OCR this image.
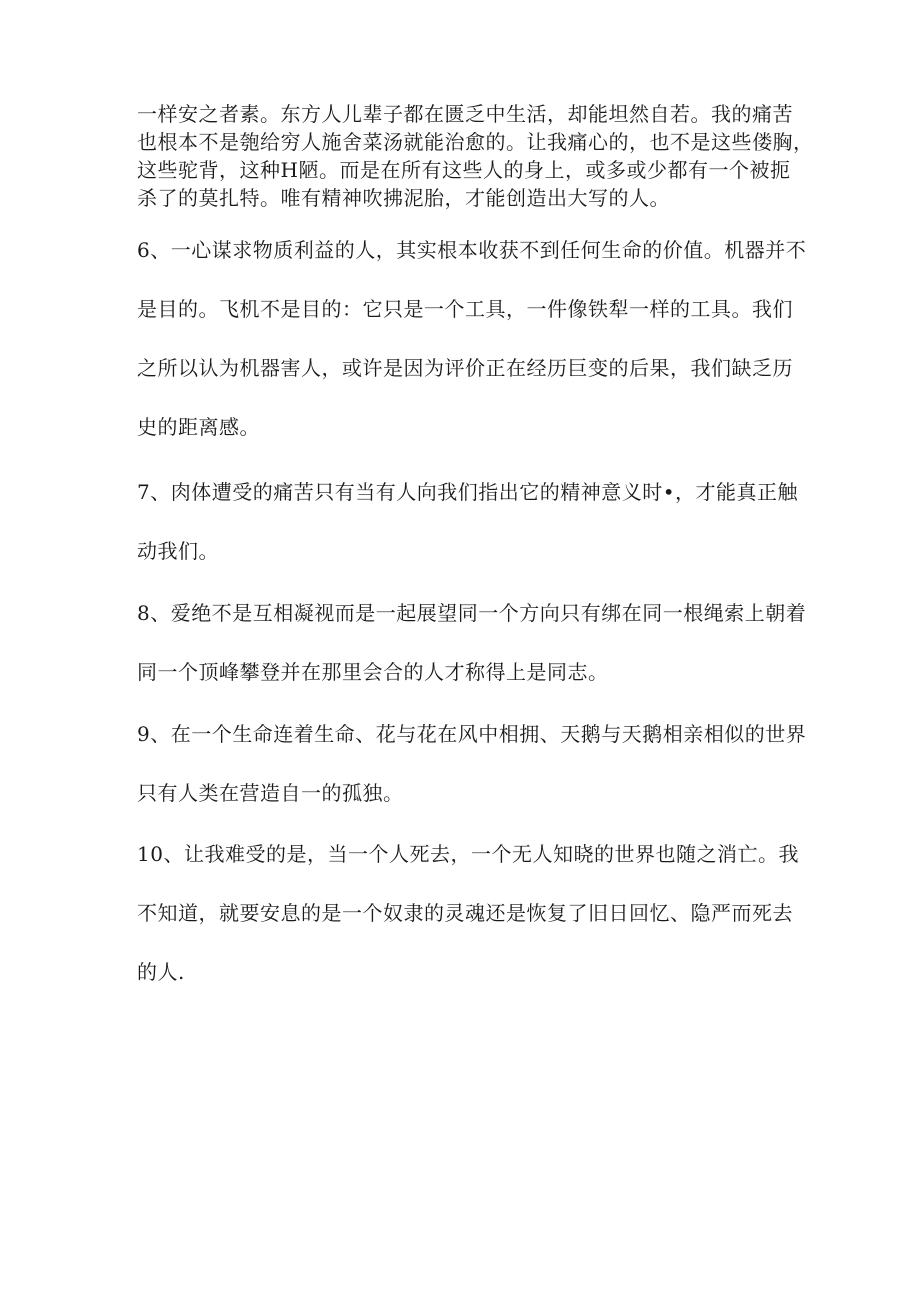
一样安之者素。东方人儿辈子都在匮乏中生活，却能坦然自若。我的痛苦
也根本不是匏给穷人施舍菜汤就能治愈的。让我痛心的，也不是这些偻胸，
这些驼背，这种H陋。而是在所有这些人的身上，或多或少都有一个被扼
杀了的莫扎特。唯有精神吹拂泥胎，才能创造出大写的人。
6、一心谋求物质利益的人，其实根本收获不到任何生命的价值。机器并不
是目的。飞机不是目的：它只是一个工具，一件像铁犁一样的工具。我们
之所以认为机器害人，或许是因为评价正在经历巨变的后果，我们缺乏历
史的距离感。
7、肉体遭受的痛苦只有当有人向我们指出它的精神意义时•，才能真正触
动我们。
8、爱绝不是互相凝视而是一起展望同一个方向只有绑在同一根绳索上朝着
同一个顶峰攀登并在那里会合的人才称得上是同志。
9、在一个生命连着生命、花与花在风中相拥、天鹅与天鹅相亲相似的世界
只有人类在营造自一的孤独。
10、让我难受的是，当一个人死去，一个无人知晓的世界也随之消亡。我
不知道，就要安息的是一个奴隶的灵魂还是恢复了旧日回忆、隐严而死去
的人.
